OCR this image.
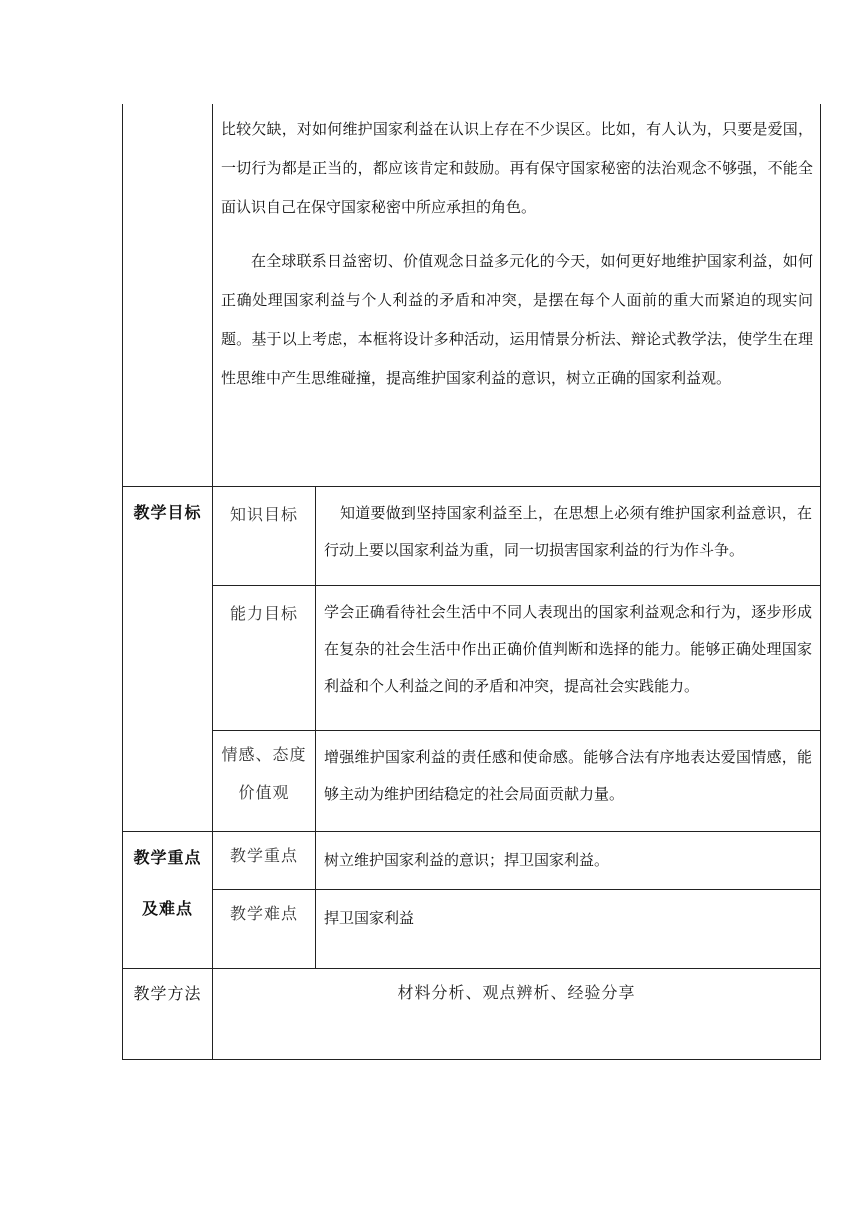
	比较欠缺，对如何维护国家利益在认识上存在不少误区。比如，有人认为，只要是爱国，一切行为都是正当的，都应该肯定和鼓励。再有保守国家秘密的法治观念不够强，不能全面认识自己在保守国家秘密中所应承担的角色。

在全球联系日益密切、价值观念日益多元化的今天，如何更好地维护国家利益，如何正确处理国家利益与个人利益的矛盾和冲突，是摆在每个人面前的重大而紧迫的现实问题。基于以上考虑，本框将设计多种活动，运用情景分析法、辩论式教学法，使学生在理性思维中产生思维碰撞，提高维护国家利益的意识，树立正确的国家利益观。	

教学目标	知识目标	知道要做到坚持国家利益至上，在思想上必须有维护国家利益意识，在行动上要以国家利益为重，同一切损害国家利益的行为作斗争。

	能力目标	学会正确看待社会生活中不同人表现出的国家利益观念和行为，逐步形成在复杂的社会生活中作出正确价值判断和选择的能力。能够正确处理国家利益和个人利益之间的矛盾和冲突，提高社会实践能力。

	情感、态度价值观	增强维护国家利益的责任感和使命感。能够合法有序地表达爱国情感，能够主动为维护团结稳定的社会局面贡献力量。

教学重点及难点	教学重点	树立维护国家利益的意识；捍卫国家利益。

	教学难点	捍卫国家利益

教学方法	材料分析、观点辨析、经验分享	
